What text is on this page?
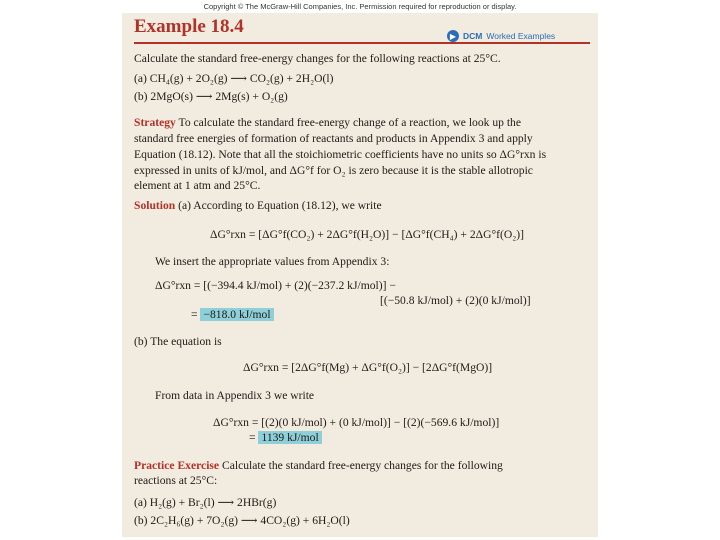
Copyright © The McGraw-Hill Companies, Inc. Permission required for reproduction or display.
Example 18.4	▶ DCM Worked Examples
Calculate the standard free-energy changes for the following reactions at 25°C.
(a) CH₄(g) + 2O₂(g) ⟶ CO₂(g) + 2H₂O(l)
(b) 2MgO(s) ⟶ 2Mg(s) + O₂(g)
Strategy To calculate the standard free-energy change of a reaction, we look up the
standard free energies of formation of reactants and products in Appendix 3 and apply
Equation (18.12). Note that all the stoichiometric coefficients have no units so ΔG°rxn is
expressed in units of kJ/mol, and ΔG°f for O₂ is zero because it is the stable allotropic
element at 1 atm and 25°C.
Solution (a) According to Equation (18.12), we write
ΔG°rxn = [ΔG°f(CO₂) + 2ΔG°f(H₂O)] − [ΔG°f(CH₄) + 2ΔG°f(O₂)]
We insert the appropriate values from Appendix 3:
ΔG°rxn = [(−394.4 kJ/mol) + (2)(−237.2 kJ/mol)] −
[(−50.8 kJ/mol) + (2)(0 kJ/mol)]
= −818.0 kJ/mol
(b) The equation is
ΔG°rxn = [2ΔG°f(Mg) + ΔG°f(O₂)] − [2ΔG°f(MgO)]
From data in Appendix 3 we write
ΔG°rxn = [(2)(0 kJ/mol) + (0 kJ/mol)] − [(2)(−569.6 kJ/mol)]
= 1139 kJ/mol
Practice Exercise Calculate the standard free-energy changes for the following
reactions at 25°C:
(a) H₂(g) + Br₂(l) ⟶ 2HBr(g)
(b) 2C₂H₆(g) + 7O₂(g) ⟶ 4CO₂(g) + 6H₂O(l)
